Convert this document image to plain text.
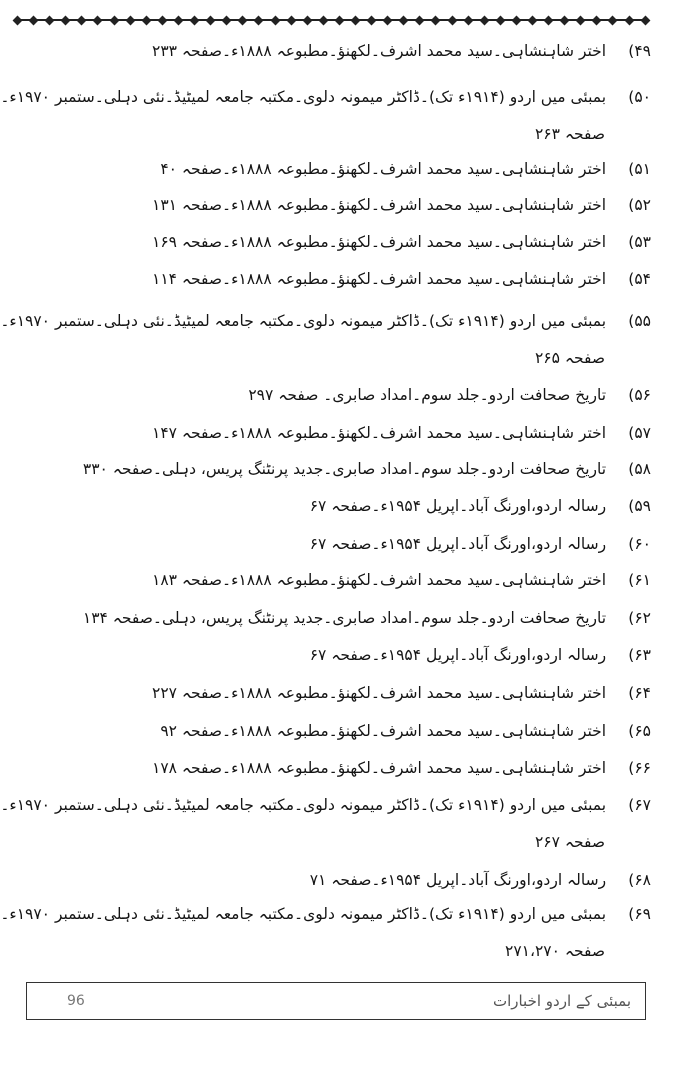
۴۹) اختر شاہنشاہی۔سید محمد اشرف۔لکھنؤ۔مطبوعہ ۱۸۸۸ء۔صفحہ ۲۳۳
۵۰) بمبئی میں اردو (۱۹۱۴ء تک)۔ڈاکٹر میمونہ دلوی۔مکتبہ جامعہ لمیٹیڈ۔نئی دہلی۔ستمبر ۱۹۷۰ء۔
صفحہ ۲۶۳
۵۱) اختر شاہنشاہی۔سید محمد اشرف۔لکھنؤ۔مطبوعہ ۱۸۸۸ء۔صفحہ ۴۰
۵۲) اختر شاہنشاہی۔سید محمد اشرف۔لکھنؤ۔مطبوعہ ۱۸۸۸ء۔صفحہ ۱۳۱
۵۳) اختر شاہنشاہی۔سید محمد اشرف۔لکھنؤ۔مطبوعہ ۱۸۸۸ء۔صفحہ ۱۶۹
۵۴) اختر شاہنشاہی۔سید محمد اشرف۔لکھنؤ۔مطبوعہ ۱۸۸۸ء۔صفحہ ۱۱۴
۵۵) بمبئی میں اردو (۱۹۱۴ء تک)۔ڈاکٹر میمونہ دلوی۔مکتبہ جامعہ لمیٹیڈ۔نئی دہلی۔ستمبر ۱۹۷۰ء۔
صفحہ ۲۶۵
۵۶) تاریخ صحافت اردو۔جلد سوم۔امداد صابری۔ صفحہ ۲۹۷
۵۷) اختر شاہنشاہی۔سید محمد اشرف۔لکھنؤ۔مطبوعہ ۱۸۸۸ء۔صفحہ ۱۴۷
۵۸) تاریخ صحافت اردو۔جلد سوم۔امداد صابری۔جدید پرنٹنگ پریس، دہلی۔صفحہ ۳۳۰
۵۹) رسالہ اردو،اورنگ آباد۔اپریل ۱۹۵۴ء۔صفحہ ۶۷
۶۰) رسالہ اردو،اورنگ آباد۔اپریل ۱۹۵۴ء۔صفحہ ۶۷
۶۱) اختر شاہنشاہی۔سید محمد اشرف۔لکھنؤ۔مطبوعہ ۱۸۸۸ء۔صفحہ ۱۸۳
۶۲) تاریخ صحافت اردو۔جلد سوم۔امداد صابری۔جدید پرنٹنگ پریس، دہلی۔صفحہ ۱۳۴
۶۳) رسالہ اردو،اورنگ آباد۔اپریل ۱۹۵۴ء۔صفحہ ۶۷
۶۴) اختر شاہنشاہی۔سید محمد اشرف۔لکھنؤ۔مطبوعہ ۱۸۸۸ء۔صفحہ ۲۲۷
۶۵) اختر شاہنشاہی۔سید محمد اشرف۔لکھنؤ۔مطبوعہ ۱۸۸۸ء۔صفحہ ۹۲
۶۶) اختر شاہنشاہی۔سید محمد اشرف۔لکھنؤ۔مطبوعہ ۱۸۸۸ء۔صفحہ ۱۷۸
۶۷) بمبئی میں اردو (۱۹۱۴ء تک)۔ڈاکٹر میمونہ دلوی۔مکتبہ جامعہ لمیٹیڈ۔نئی دہلی۔ستمبر ۱۹۷۰ء۔
صفحہ ۲۶۷
۶۸) رسالہ اردو،اورنگ آباد۔اپریل ۱۹۵۴ء۔صفحہ ۷۱
۶۹) بمبئی میں اردو (۱۹۱۴ء تک)۔ڈاکٹر میمونہ دلوی۔مکتبہ جامعہ لمیٹیڈ۔نئی دہلی۔ستمبر ۱۹۷۰ء۔
صفحہ ۲۷۱،۲۷۰
96	بمبئی کے اردو اخبارات
